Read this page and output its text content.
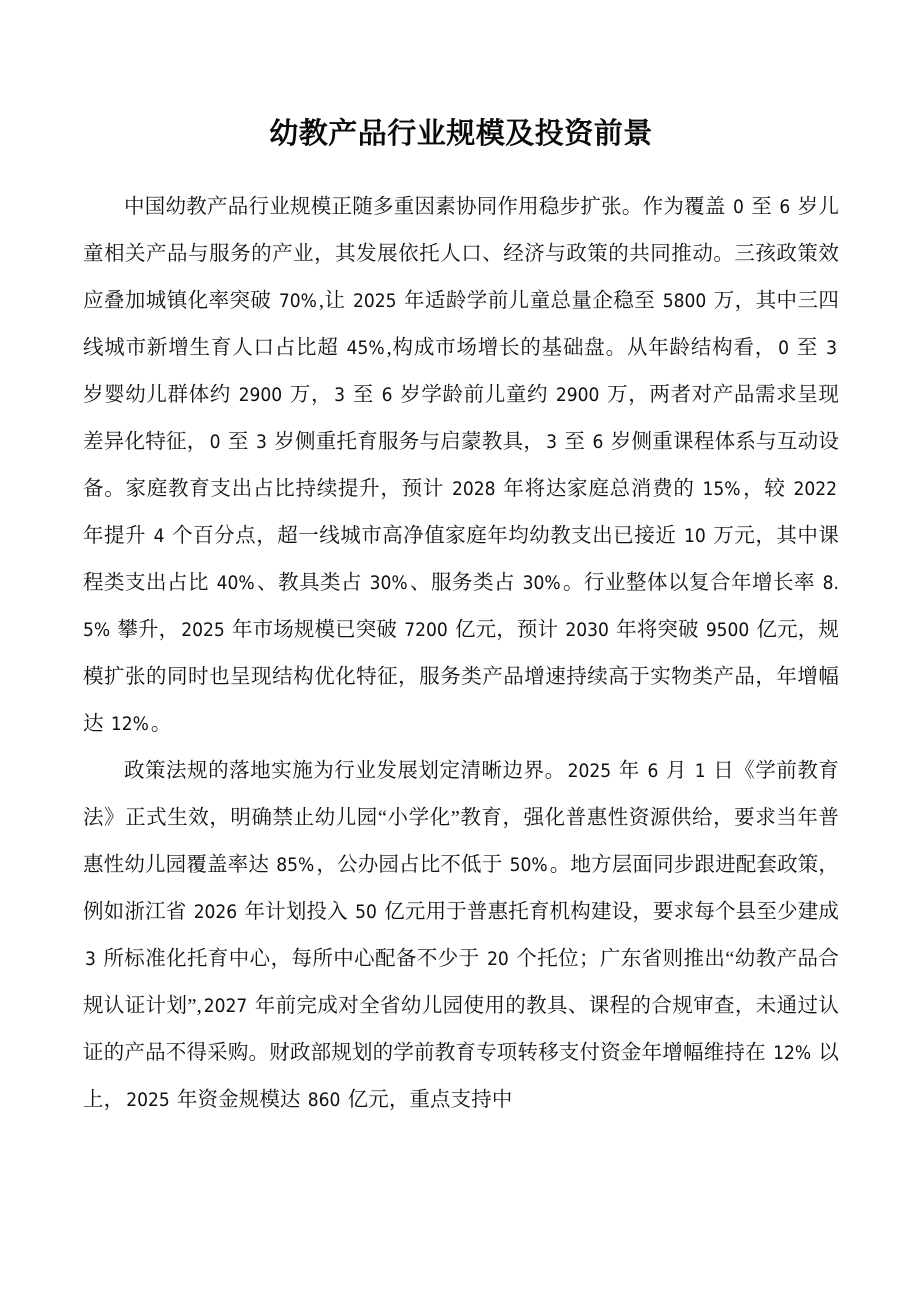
幼教产品行业规模及投资前景

中国幼教产品行业规模正随多重因素协同作用稳步扩张。作为覆盖 0 至 6 岁儿童相关产品与服务的产业，其发展依托人口、经济与政策的共同推动。三孩政策效应叠加城镇化率突破 70%,让 2025 年适龄学前儿童总量企稳至 5800 万，其中三四线城市新增生育人口占比超 45%,构成市场增长的基础盘。从年龄结构看， 0 至 3 岁婴幼儿群体约 2900 万， 3 至 6 岁学龄前儿童约 2900 万，两者对产品需求呈现差异化特征， 0 至 3 岁侧重托育服务与启蒙教具， 3 至 6 岁侧重课程体系与互动设备。家庭教育支出占比持续提升，预计 2028 年将达家庭总消费的 15%，较 2022 年提升 4 个百分点，超一线城市高净值家庭年均幼教支出已接近 10 万元，其中课程类支出占比 40%、教具类占 30%、服务类占 30%。行业整体以复合年增长率 8.5% 攀升， 2025 年市场规模已突破 7200 亿元，预计 2030 年将突破 9500 亿元，规模扩张的同时也呈现结构优化特征，服务类产品增速持续高于实物类产品，年增幅达 12%。

政策法规的落地实施为行业发展划定清晰边界。 2025 年 6 月 1 日《学前教育法》正式生效，明确禁止幼儿园“小学化”教育，强化普惠性资源供给，要求当年普惠性幼儿园覆盖率达 85%，公办园占比不低于 50%。地方层面同步跟进配套政策，例如浙江省 2026 年计划投入 50 亿元用于普惠托育机构建设，要求每个县至少建成 3 所标准化托育中心，每所中心配备不少于 20 个托位；广东省则推出“幼教产品合规认证计划”, 2027 年前完成对全省幼儿园使用的教具、课程的合规审查，未通过认证的产品不得采购。财政部规划的学前教育专项转移支付资金年增幅维持在 12% 以上， 2025 年资金规模达 860 亿元，重点支持中
